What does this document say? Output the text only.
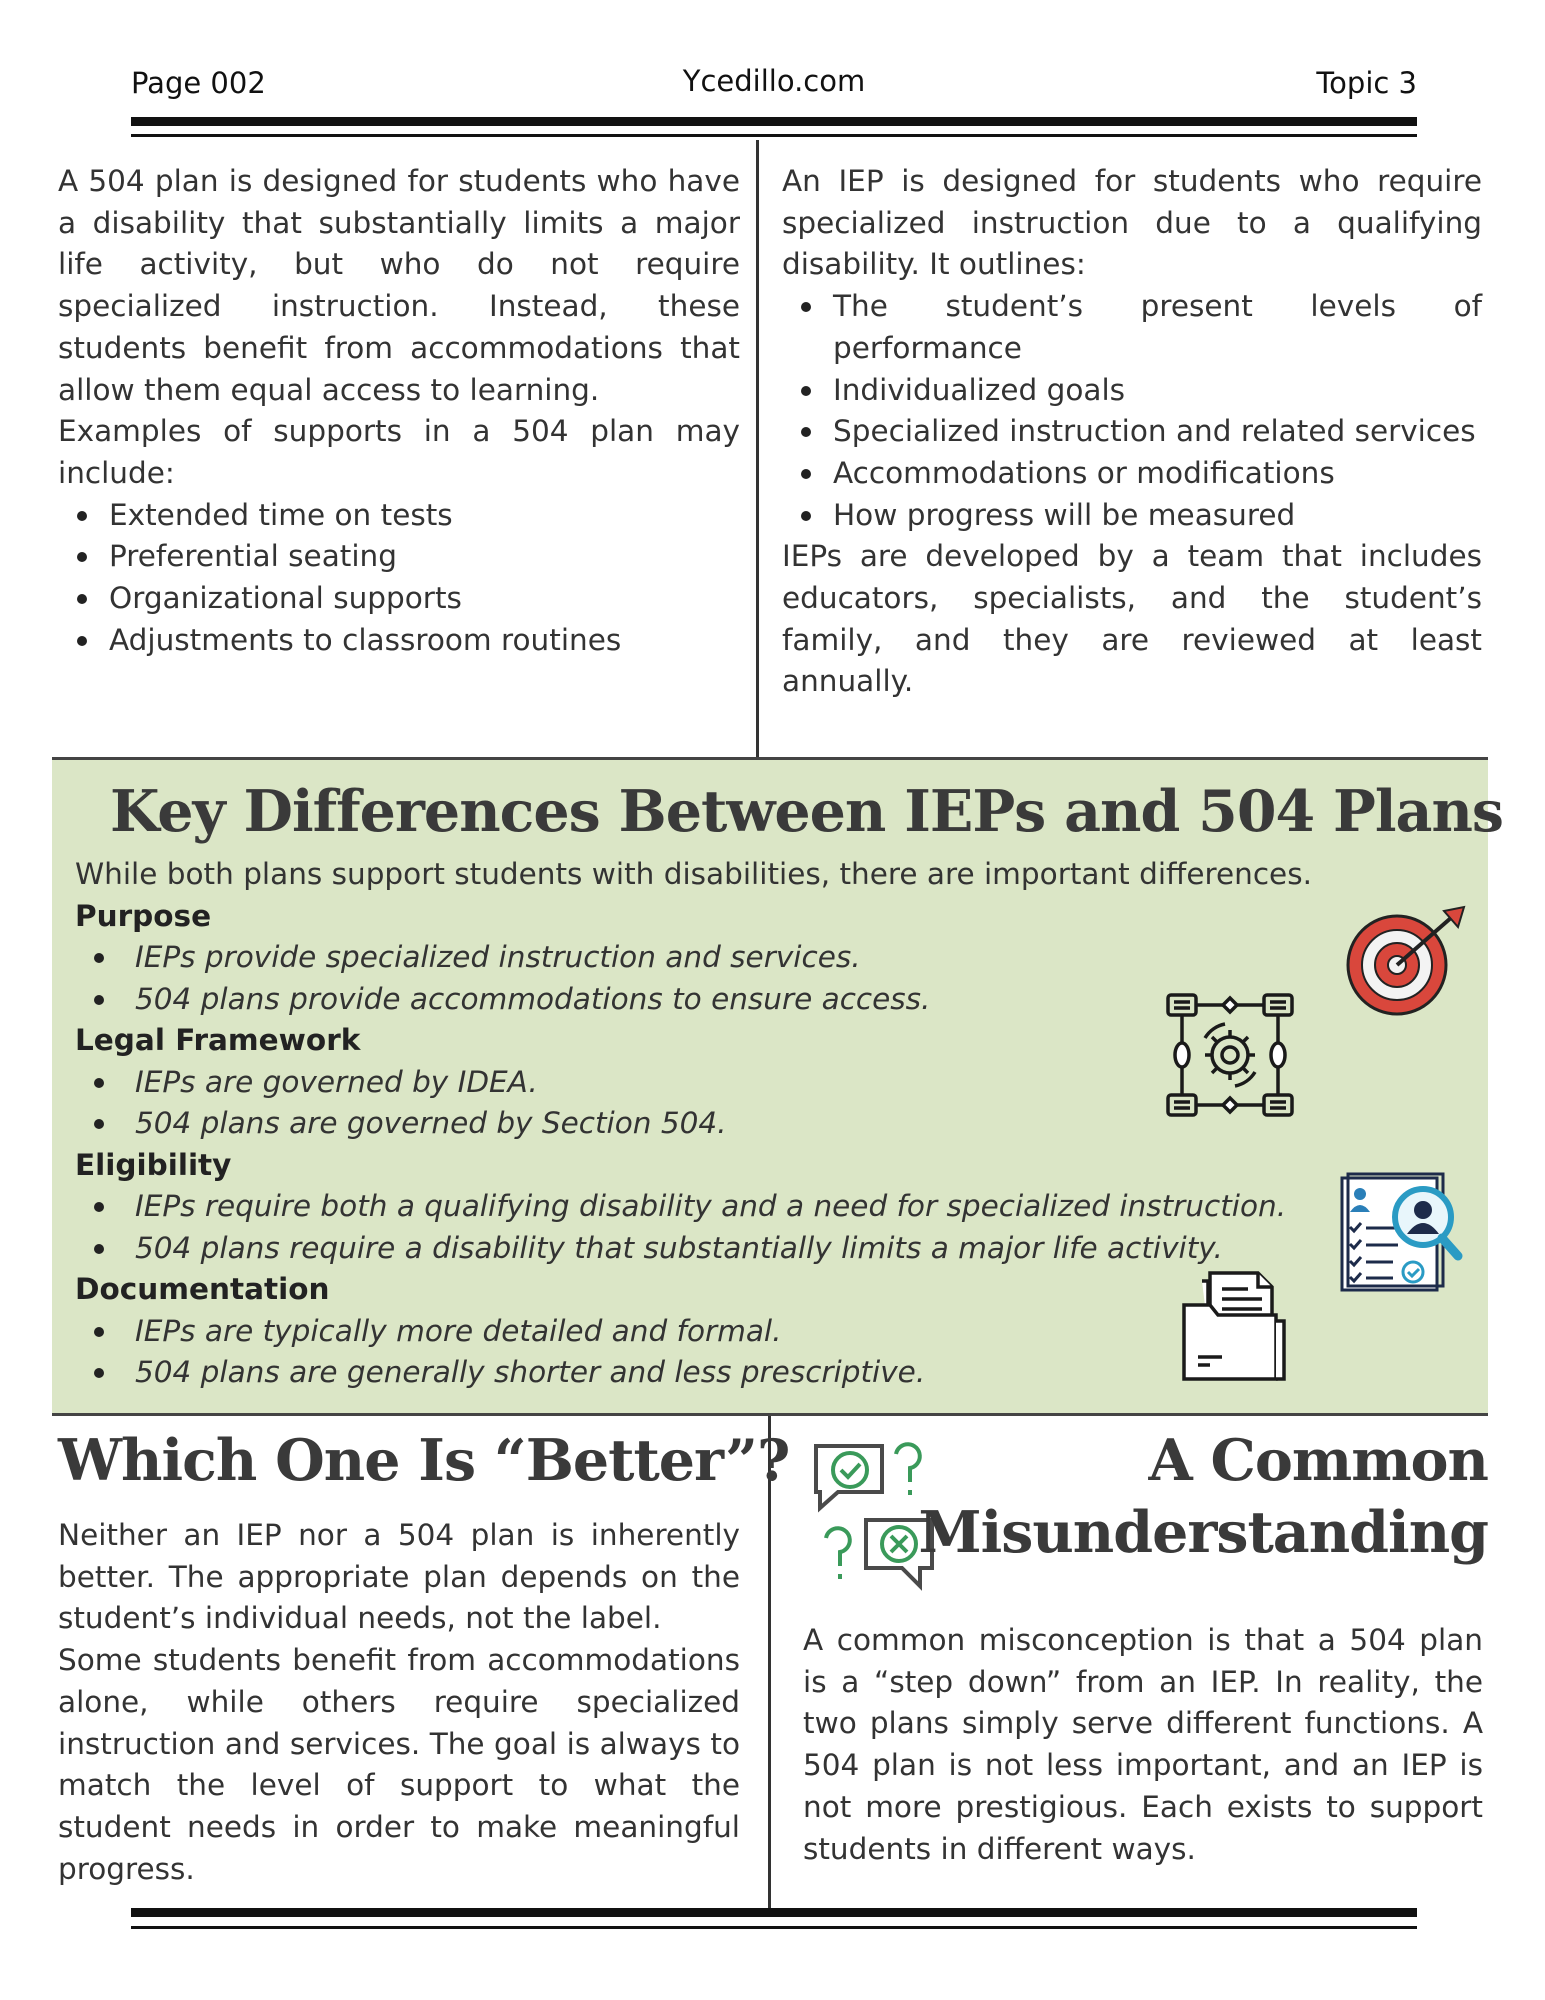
Page 002	Ycedillo.com	Topic 3

A 504 plan is designed for students who have a disability that substantially limits a major life activity, but who do not require specialized instruction. Instead, these students benefit from accommodations that allow them equal access to learning.

Examples of supports in a 504 plan may include:

Extended time on tests
Preferential seating
Organizational supports
Adjustments to classroom routines

An IEP is designed for students who require specialized instruction due to a qualifying disability. It outlines:

The student’s present levels of performance
Individualized goals
Specialized instruction and related services
Accommodations or modifications
How progress will be measured

IEPs are developed by a team that includes educators, specialists, and the student’s family, and they are reviewed at least annually.

Key Differences Between IEPs and 504 Plans
While both plans support students with disabilities, there are important differences.
Purpose
IEPs provide specialized instruction and services.
504 plans provide accommodations to ensure access.
Legal Framework
IEPs are governed by IDEA.
504 plans are governed by Section 504.
Eligibility
IEPs require both a qualifying disability and a need for specialized instruction.
504 plans require a disability that substantially limits a major life activity.
Documentation
IEPs are typically more detailed and formal.
504 plans are generally shorter and less prescriptive.
Which One Is “Better”?

Neither an IEP nor a 504 plan is inherently better. The appropriate plan depends on the student’s individual needs, not the label.

Some students benefit from accommodations alone, while others require specialized instruction and services. The goal is always to match the level of support to what the student needs in order to make meaningful progress.

A Common
Misunderstanding

A common misconception is that a 504 plan is a “step down” from an IEP. In reality, the two plans simply serve different functions. A 504 plan is not less important, and an IEP is not more prestigious. Each exists to support students in different ways.
